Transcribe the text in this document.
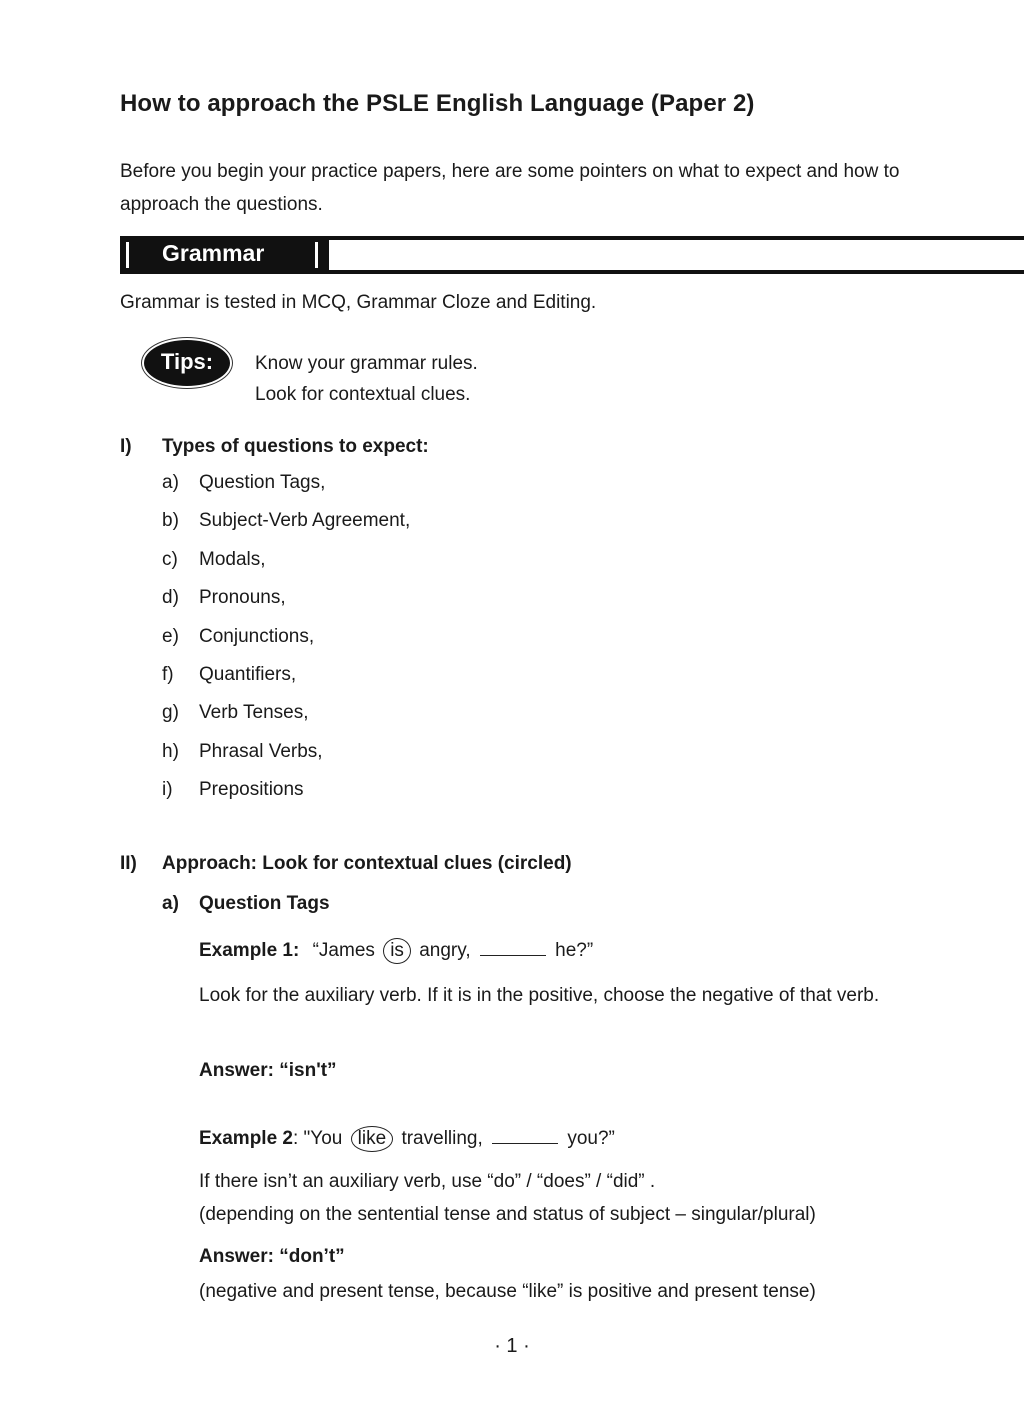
How to approach the PSLE English Language (Paper 2)
Before you begin your practice papers, here are some pointers on what to expect and how to approach the questions.
Grammar
Grammar is tested in MCQ, Grammar Cloze and Editing.
Tips:	Know your grammar rules.
Look for contextual clues.
I) Types of questions to expect:
a) Question Tags,
b) Subject-Verb Agreement,
c) Modals,
d) Pronouns,
e) Conjunctions,
f) Quantifiers,
g) Verb Tenses,
h) Phrasal Verbs,
i) Prepositions
II) Approach: Look for contextual clues (circled)
a) Question Tags
Example 1: “James is angry,	he?”
Look for the auxiliary verb. If it is in the positive, choose the negative of that verb.
Answer: “isn't”
Example 2: "You like travelling,	you?”
If there isn’t an auxiliary verb, use “do” / “does” / “did” .
(depending on the sentential tense and status of subject – singular/plural)
Answer: “don’t”
(negative and present tense, because “like” is positive and present tense)
· 1 ·
